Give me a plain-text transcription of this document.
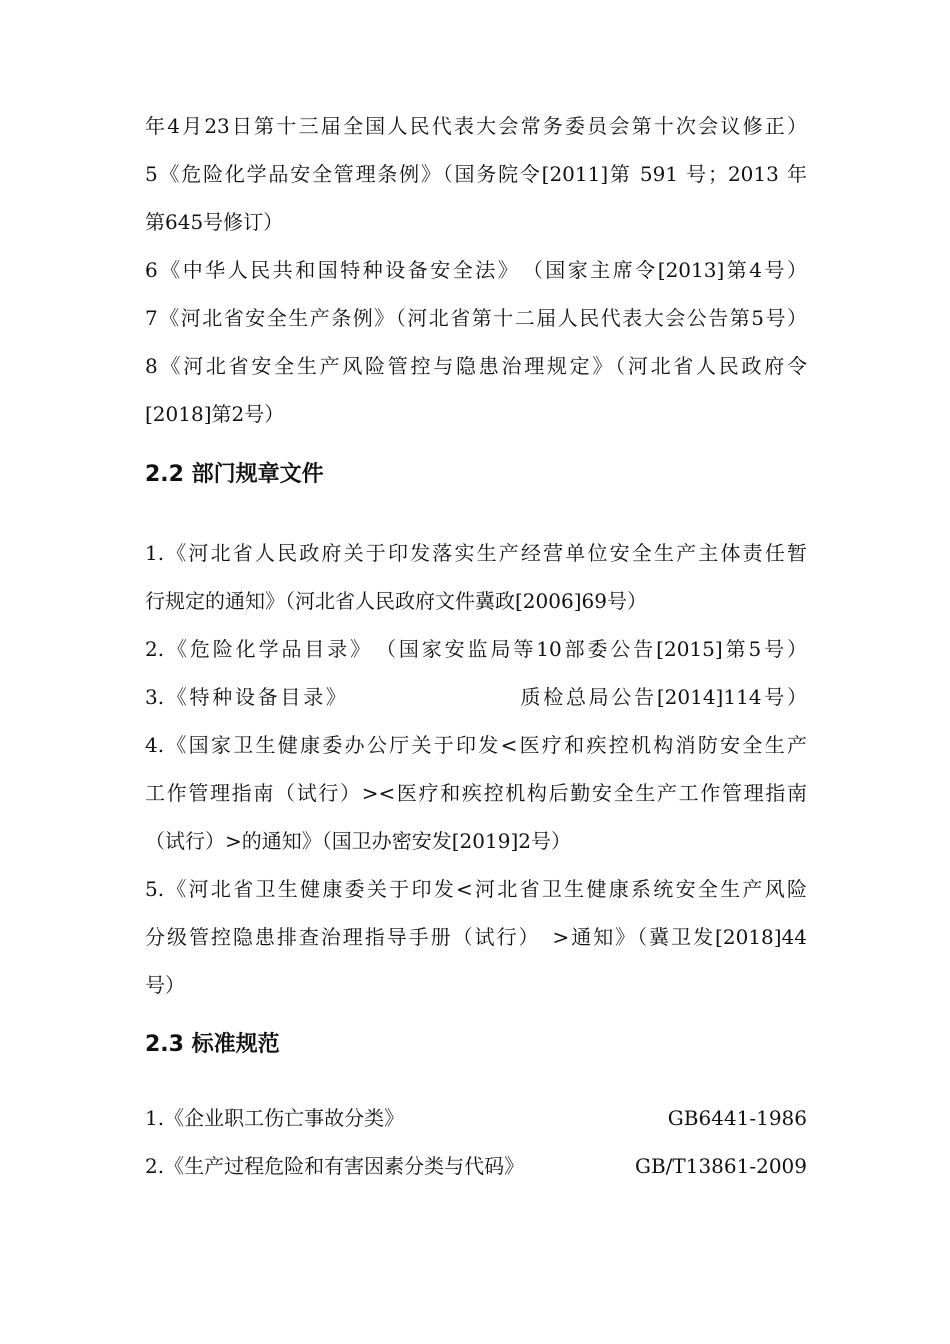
年4月23日第十三届全国人民代表大会常务委员会第十次会议修正）
5《危险化学品安全管理条例》（国务院令[2011]第 591 号；2013 年
第645号修订）
6《中华人民共和国特种设备安全法》　（国家主席令[2013]第4号）
7《河北省安全生产条例》（河北省第十二届人民代表大会公告第5号）
8《河北省安全生产风险管控与隐患治理规定》（河北省人民政府令
[2018]第2号）
2.2 部门规章文件
1.《河北省人民政府关于印发落实生产经营单位安全生产主体责任暂
行规定的通知》（河北省人民政府文件冀政[2006]69号）
2.《危险化学品目录》　（国家安监局等10部委公告[2015]第5号）
3.《特种设备目录》　　　　　　　　质检总局公告[2014]114号）
4.《国家卫生健康委办公厅关于印发<医疗和疾控机构消防安全生产
工作管理指南（试行）><医疗和疾控机构后勤安全生产工作管理指南
（试行）>的通知》（国卫办密安发[2019]2号）
5.《河北省卫生健康委关于印发<河北省卫生健康系统安全生产风险
分级管控隐患排查治理指导手册（试行）　>通知》（冀卫发[2018]44
号）
2.3 标准规范
1.《企业职工伤亡事故分类》	GB6441-1986
2.《生产过程危险和有害因素分类与代码》	GB/T13861-2009
